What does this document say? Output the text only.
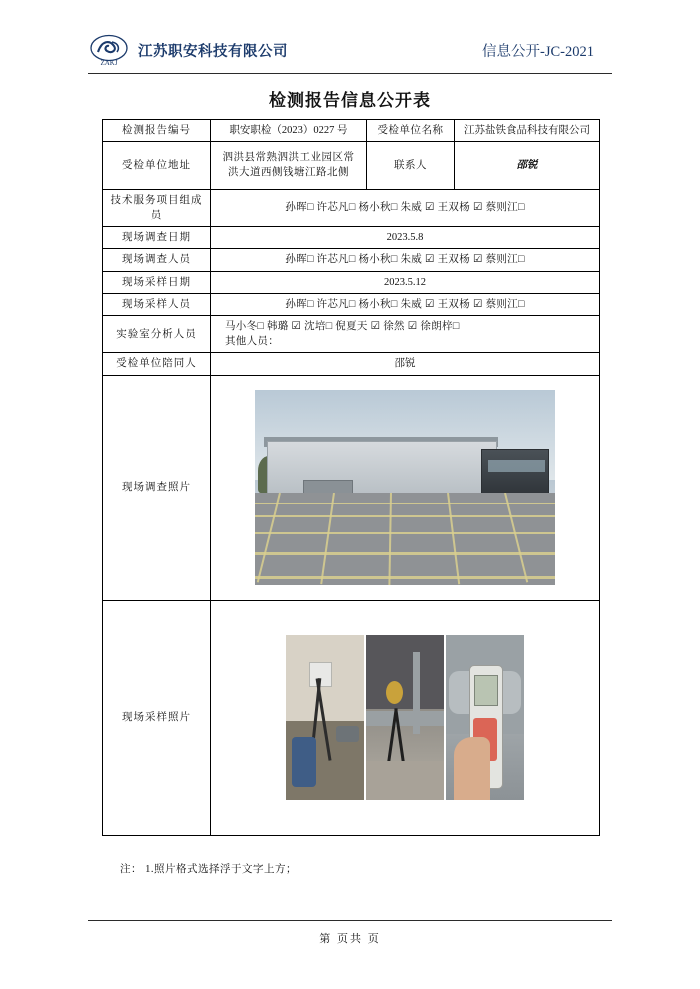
ZAKJ
江苏职安科技有限公司	信息公开-JC-2021
检测报告信息公开表
检测报告编号	职安职检（2023）0227 号	受检单位名称	江苏盐铁食品科技有限公司
受检单位地址	泗洪县常熟泗洪工业园区常洪大道西侧钱塘江路北侧	联系人	邵锐
技术服务项目组成员	孙晖□ 许芯凡□ 杨小秋□ 朱威 ☑ 王双杨 ☑ 蔡则江□		
现场调查日期	2023.5.8		
现场调查人员	孙晖□ 许芯凡□ 杨小秋□ 朱威 ☑ 王双杨 ☑ 蔡则江□		
现场采样日期	2023.5.12		
现场采样人员	孙晖□ 许芯凡□ 杨小秋□ 朱威 ☑ 王双杨 ☑ 蔡则江□		
实验室分析人员	马小冬□ 韩璐 ☑ 沈培□ 倪夏天 ☑ 徐然 ☑ 徐朗梓□
其他人员：		

受检单位陪同人	邵锐		
现场调查照片			

现场采样照片			
注： 1.照片格式选择浮于文字上方；
第 页共 页
